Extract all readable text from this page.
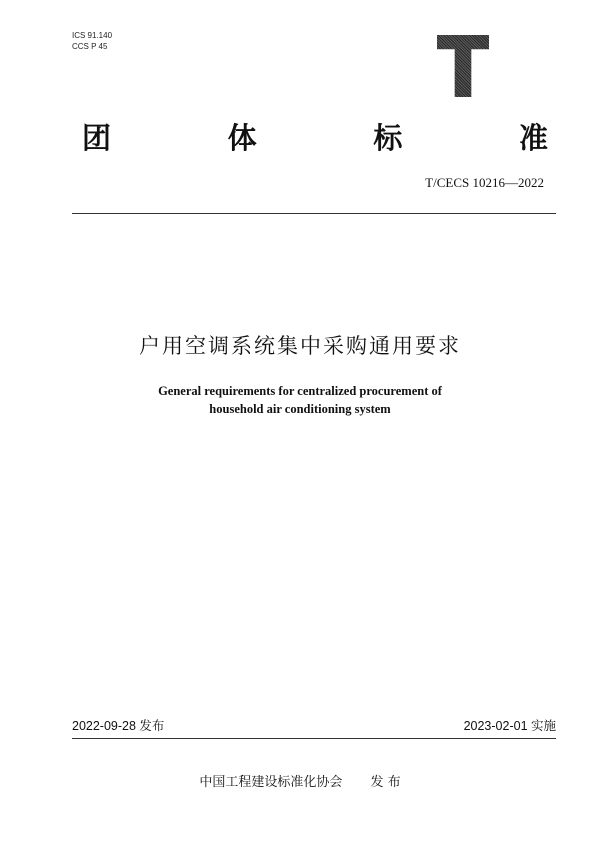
ICS 91.140
CCS P 45
团	体	标	准
T/CECS 10216—2022
户用空调系统集中采购通用要求
General requirements for centralized procurement of
household air conditioning system
2022-09-28 发布	2023-02-01 实施
中国工程建设标准化协会 发 布
